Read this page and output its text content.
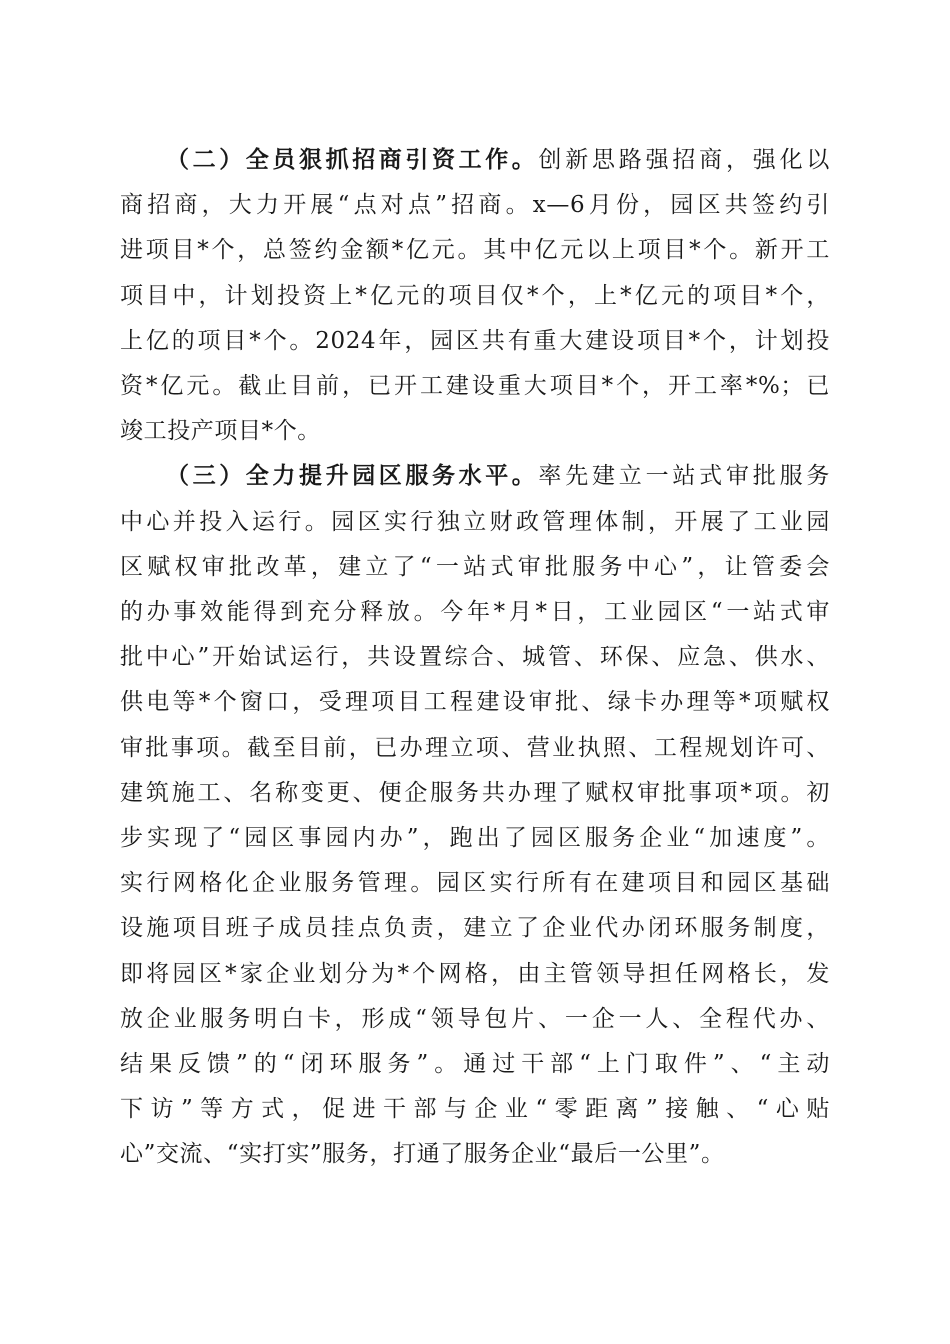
（二）全员狠抓招商引资工作。创新思路强招商，强化以
商招商，大力开展“点对点”招商。x—6月份，园区共签约引
进项目*个，总签约金额*亿元。其中亿元以上项目*个。新开工
项目中，计划投资上*亿元的项目仅*个，上*亿元的项目*个，
上亿的项目*个。2024年，园区共有重大建设项目*个，计划投
资*亿元。截止目前，已开工建设重大项目*个，开工率*%；已
竣工投产项目*个。
（三）全力提升园区服务水平。率先建立一站式审批服务
中心并投入运行。园区实行独立财政管理体制，开展了工业园
区赋权审批改革，建立了“一站式审批服务中心”，让管委会
的办事效能得到充分释放。今年*月*日，工业园区“一站式审
批中心”开始试运行，共设置综合、城管、环保、应急、供水、
供电等*个窗口，受理项目工程建设审批、绿卡办理等*项赋权
审批事项。截至目前，已办理立项、营业执照、工程规划许可、
建筑施工、名称变更、便企服务共办理了赋权审批事项*项。初
步实现了“园区事园内办”，跑出了园区服务企业“加速度”。
实行网格化企业服务管理。园区实行所有在建项目和园区基础
设施项目班子成员挂点负责，建立了企业代办闭环服务制度，
即将园区*家企业划分为*个网格，由主管领导担任网格长，发
放企业服务明白卡，形成“领导包片、一企一人、全程代办、
结果反馈”的“闭环服务”。通过干部“上门取件”、“主动
下访”等方式，促进干部与企业“零距离”接触、“心贴
心”交流、“实打实”服务，打通了服务企业“最后一公里”。
